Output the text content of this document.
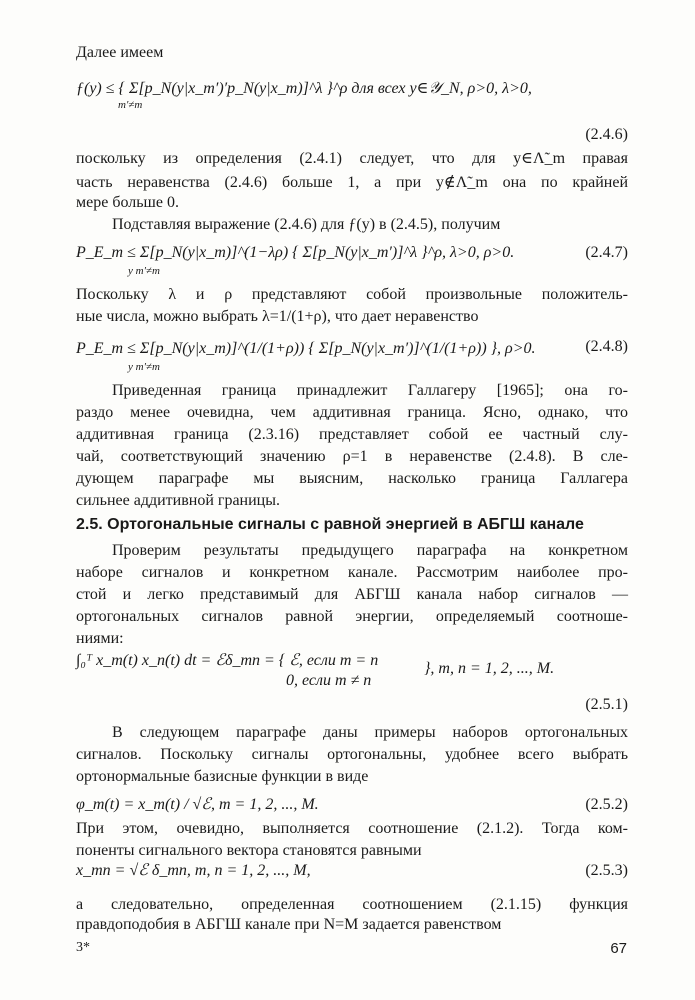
Далее имеем
ƒ(y) ≤ { Σ[p_N(y|x_m′)′p_N(y|x_m)]^λ }^ρ для всех y∈𝒴_N, ρ>0, λ>0,
m′≠m
(2.4.6)
поскольку из определения (2.4.1) следует, что для y∈Λ̃_m правая
часть неравенства (2.4.6) больше 1, а при y∉Λ̃_m она по крайней
мере больше 0.
Подставляя выражение (2.4.6) для ƒ(y) в (2.4.5), получим
P_E_m ≤ Σ[p_N(y|x_m)]^(1−λρ) { Σ[p_N(y|x_m′)]^λ }^ρ, λ>0, ρ>0.
y m′≠m
(2.4.7)
Поскольку λ и ρ представляют собой произвольные положитель-
ные числа, можно выбрать λ=1/(1+ρ), что дает неравенство
P_E_m ≤ Σ[p_N(y|x_m)]^(1/(1+ρ)) { Σ[p_N(y|x_m′)]^(1/(1+ρ)) }, ρ>0.
y m′≠m
(2.4.8)
Приведенная граница принадлежит Галлагеру [1965]; она го-
раздо менее очевидна, чем аддитивная граница. Ясно, однако, что
аддитивная граница (2.3.16) представляет собой ее частный слу-
чай, соответствующий значению ρ=1 в неравенстве (2.4.8). В сле-
дующем параграфе мы выясним, насколько граница Галлагера
сильнее аддитивной границы.
2.5. Ортогональные сигналы с равной энергией в АБГШ канале
Проверим результаты предыдущего параграфа на конкретном
наборе сигналов и конкретном канале. Рассмотрим наиболее про-
стой и легко представимый для АБГШ канала набор сигналов —
ортогональных сигналов равной энергии, определяемый соотноше-
ниями:
∫₀ᵀ x_m(t) x_n(t) dt = ℰδ_mn = { ℰ, если m = n
0, если m ≠ n
}, m, n = 1, 2, ..., M.
(2.5.1)
В следующем параграфе даны примеры наборов ортогональных
сигналов. Поскольку сигналы ортогональны, удобнее всего выбрать
ортонормальные базисные функции в виде
φ_m(t) = x_m(t) / √ℰ, m = 1, 2, ..., M.	(2.5.2)
При этом, очевидно, выполняется соотношение (2.1.2). Тогда ком-
поненты сигнального вектора становятся равными
x_mn = √ℰ δ_mn, m, n = 1, 2, ..., M,	(2.5.3)
а следовательно, определенная соотношением (2.1.15) функция
правдоподобия в АБГШ канале при N=M задается равенством
3*	67
